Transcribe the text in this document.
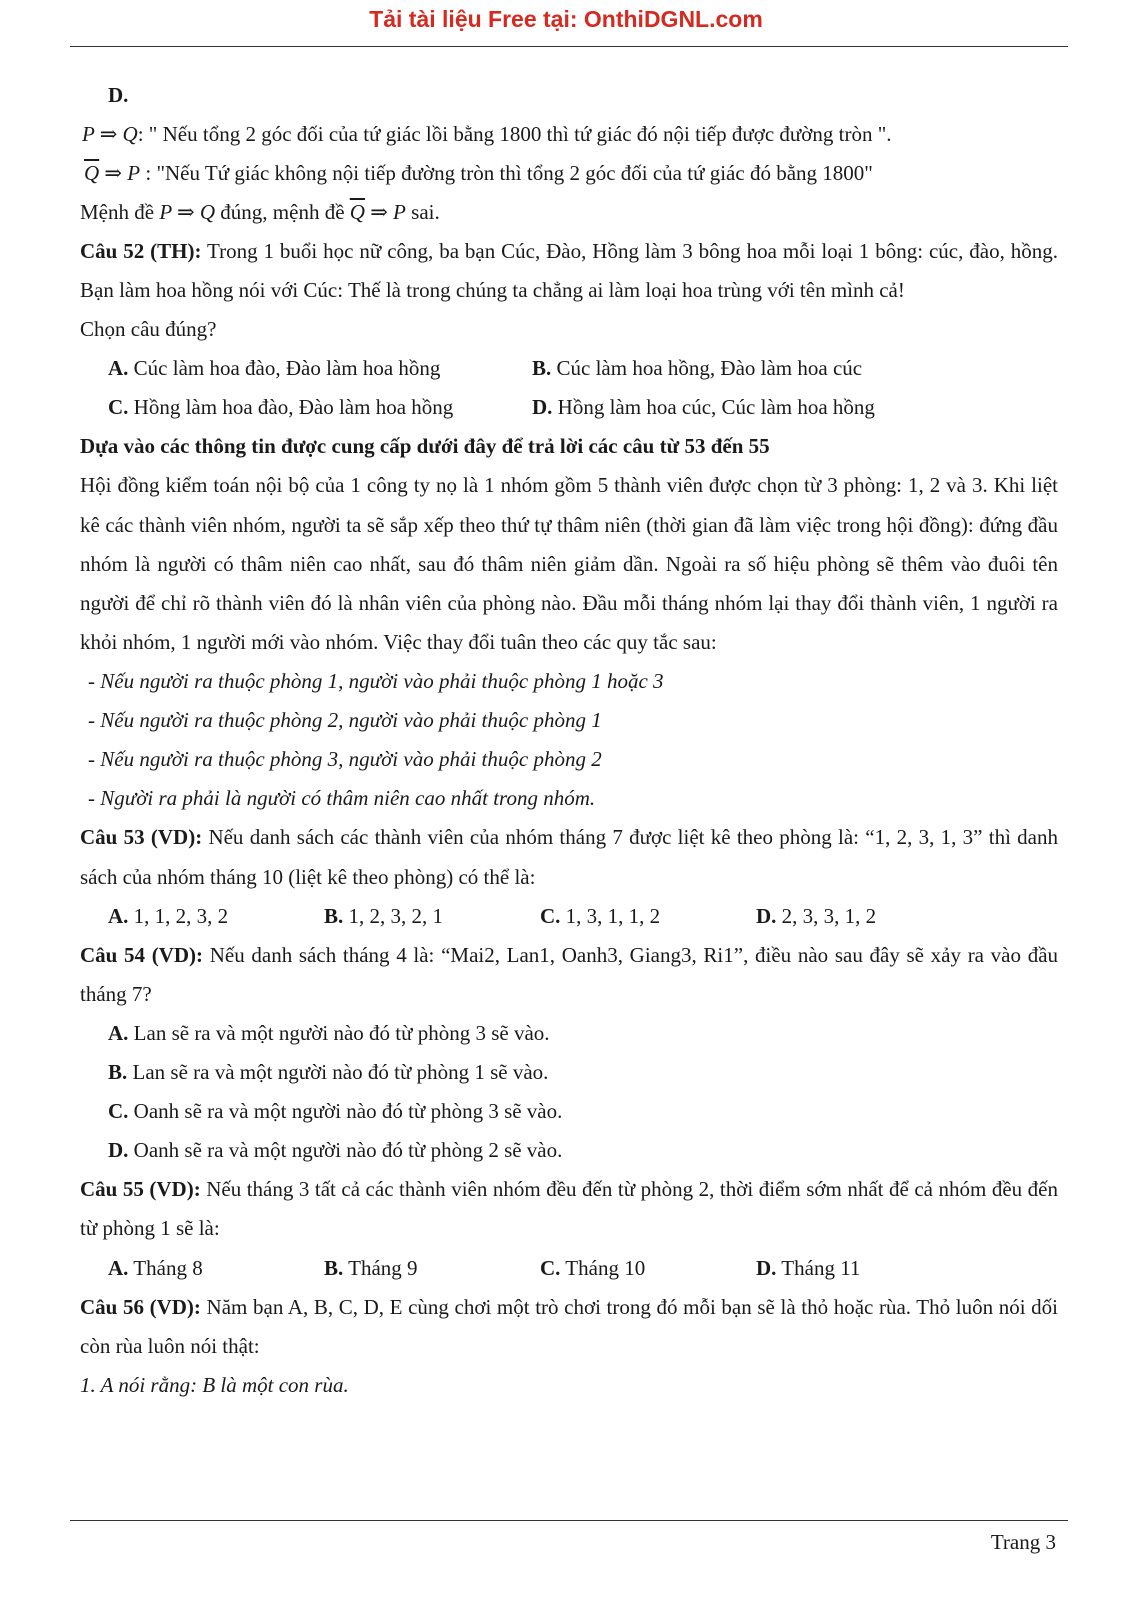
Tải tài liệu Free tại: OnthiDGNL.com
D.
P ⇒ Q: " Nếu tổng 2 góc đối của tứ giác lồi bằng 1800 thì tứ giác đó nội tiếp được đường tròn ".
$\overline{Q}$ ⇒ P : "Nếu Tứ giác không nội tiếp đường tròn thì tổng 2 góc đối của tứ giác đó bằng 1800"
Mệnh đề P ⇒ Q đúng, mệnh đề $\overline{Q}$ ⇒ P sai.
Câu 52 (TH): Trong 1 buổi học nữ công, ba bạn Cúc, Đào, Hồng làm 3 bông hoa mỗi loại 1 bông: cúc, đào, hồng. Bạn làm hoa hồng nói với Cúc: Thế là trong chúng ta chẳng ai làm loại hoa trùng với tên mình cả!
Chọn câu đúng?
A. Cúc làm hoa đào, Đào làm hoa hồng	B. Cúc làm hoa hồng, Đào làm hoa cúc
C. Hồng làm hoa đào, Đào làm hoa hồng	D. Hồng làm hoa cúc, Cúc làm hoa hồng
Dựa vào các thông tin được cung cấp dưới đây để trả lời các câu từ 53 đến 55
Hội đồng kiểm toán nội bộ của 1 công ty nọ là 1 nhóm gồm 5 thành viên được chọn từ 3 phòng: 1, 2 và 3. Khi liệt kê các thành viên nhóm, người ta sẽ sắp xếp theo thứ tự thâm niên (thời gian đã làm việc trong hội đồng): đứng đầu nhóm là người có thâm niên cao nhất, sau đó thâm niên giảm dần. Ngoài ra số hiệu phòng sẽ thêm vào đuôi tên người để chỉ rõ thành viên đó là nhân viên của phòng nào. Đầu mỗi tháng nhóm lại thay đổi thành viên, 1 người ra khỏi nhóm, 1 người mới vào nhóm. Việc thay đổi tuân theo các quy tắc sau:
- Nếu người ra thuộc phòng 1, người vào phải thuộc phòng 1 hoặc 3
- Nếu người ra thuộc phòng 2, người vào phải thuộc phòng 1
- Nếu người ra thuộc phòng 3, người vào phải thuộc phòng 2
- Người ra phải là người có thâm niên cao nhất trong nhóm.
Câu 53 (VD): Nếu danh sách các thành viên của nhóm tháng 7 được liệt kê theo phòng là: “1, 2, 3, 1, 3” thì danh sách của nhóm tháng 10 (liệt kê theo phòng) có thể là:
A. 1, 1, 2, 3, 2	B. 1, 2, 3, 2, 1	C. 1, 3, 1, 1, 2	D. 2, 3, 3, 1, 2
Câu 54 (VD): Nếu danh sách tháng 4 là: “Mai2, Lan1, Oanh3, Giang3, Ri1”, điều nào sau đây sẽ xảy ra vào đầu tháng 7?
A. Lan sẽ ra và một người nào đó từ phòng 3 sẽ vào.
B. Lan sẽ ra và một người nào đó từ phòng 1 sẽ vào.
C. Oanh sẽ ra và một người nào đó từ phòng 3 sẽ vào.
D. Oanh sẽ ra và một người nào đó từ phòng 2 sẽ vào.
Câu 55 (VD): Nếu tháng 3 tất cả các thành viên nhóm đều đến từ phòng 2, thời điểm sớm nhất để cả nhóm đều đến từ phòng 1 sẽ là:
A. Tháng 8	B. Tháng 9	C. Tháng 10	D. Tháng 11
Câu 56 (VD): Năm bạn A, B, C, D, E cùng chơi một trò chơi trong đó mỗi bạn sẽ là thỏ hoặc rùa. Thỏ luôn nói dối còn rùa luôn nói thật:
1. A nói rằng: B là một con rùa.
Trang 3
